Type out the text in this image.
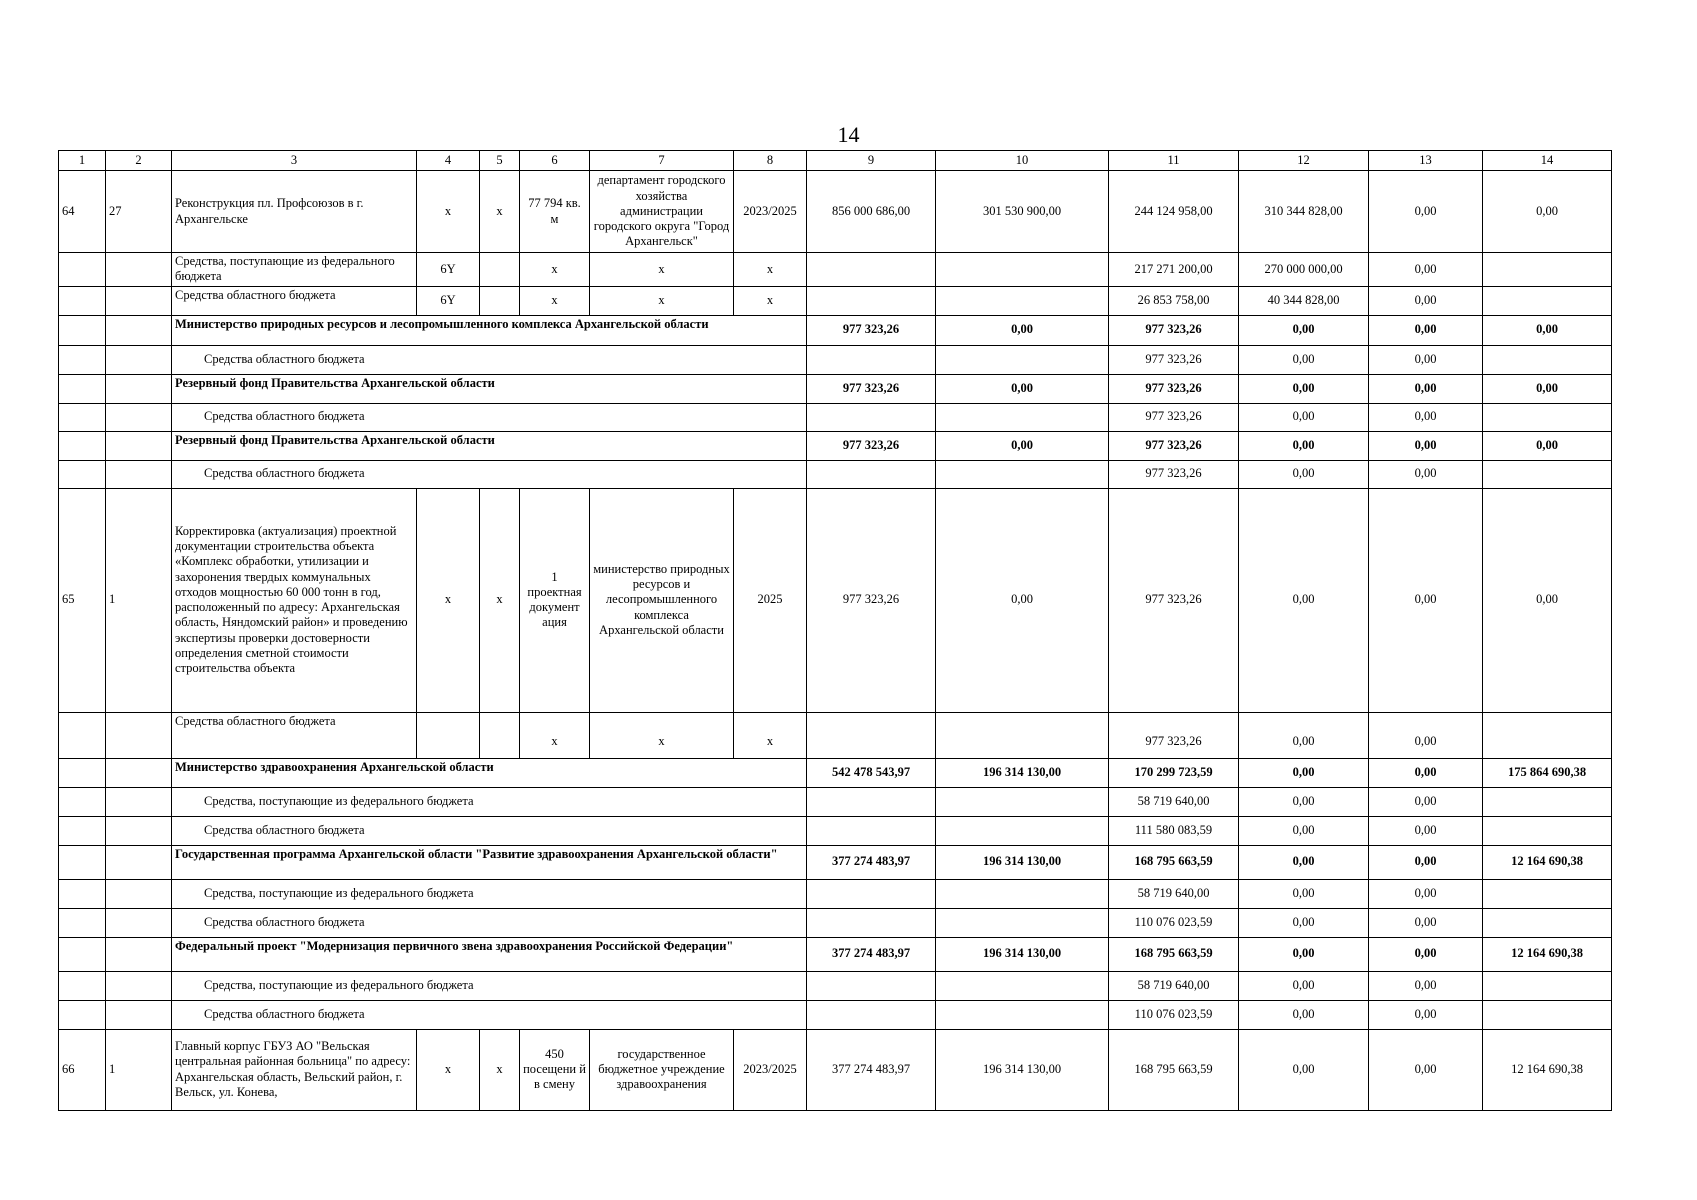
14
1	2	3	4	5	6	7	8	9	10	11	12	13	14
64	27	Реконструкция пл. Профсоюзов в г. Архангельске	x	x	77 794 кв. м	департамент городского хозяйства администрации городского округа "Город Архангельск"	2023/2025	856 000 686,00	301 530 900,00	244 124 958,00	310 344 828,00	0,00	0,00
		Средства, поступающие из федерального бюджета	6Y		x	x	x			217 271 200,00	270 000 000,00	0,00	
		Средства областного бюджета	6Y		x	x	x			26 853 758,00	40 344 828,00	0,00	
		Министерство природных ресурсов и лесопромышленного комплекса Архангельской области						977 323,26	0,00	977 323,26	0,00	0,00	0,00
		Средства областного бюджета								977 323,26	0,00	0,00	
		Резервный фонд Правительства Архангельской области						977 323,26	0,00	977 323,26	0,00	0,00	0,00
		Средства областного бюджета								977 323,26	0,00	0,00	
		Резервный фонд Правительства Архангельской области						977 323,26	0,00	977 323,26	0,00	0,00	0,00
		Средства областного бюджета								977 323,26	0,00	0,00	
65	1	Корректировка (актуализация) проектной документации строительства объекта «Комплекс обработки, утилизации и захоронения твердых коммунальных отходов мощностью 60 000 тонн в год, расположенный по адресу: Архангельская область, Няндомский район» и проведению экспертизы проверки достоверности определения сметной стоимости строительства объекта	x	x	1 проектная документ ация	министерство природных ресурсов и лесопромышленного комплекса Архангельской области	2025	977 323,26	0,00	977 323,26	0,00	0,00	0,00
		Средства областного бюджета			x	x	x			977 323,26	0,00	0,00	
		Министерство здравоохранения Архангельской области						542 478 543,97	196 314 130,00	170 299 723,59	0,00	0,00	175 864 690,38
		Средства, поступающие из федерального бюджета								58 719 640,00	0,00	0,00	
		Средства областного бюджета								111 580 083,59	0,00	0,00	
		Государственная программа Архангельской области "Развитие здравоохранения Архангельской области"						377 274 483,97	196 314 130,00	168 795 663,59	0,00	0,00	12 164 690,38
		Средства, поступающие из федерального бюджета								58 719 640,00	0,00	0,00	
		Средства областного бюджета								110 076 023,59	0,00	0,00	
		Федеральный проект "Модернизация первичного звена здравоохранения Российской Федерации"						377 274 483,97	196 314 130,00	168 795 663,59	0,00	0,00	12 164 690,38
		Средства, поступающие из федерального бюджета								58 719 640,00	0,00	0,00	
		Средства областного бюджета								110 076 023,59	0,00	0,00	
66	1	Главный корпус ГБУЗ АО "Вельская центральная районная больница" по адресу: Архангельская область, Вельский район, г. Вельск, ул. Конева,	x	x	450 посещени й в смену	государственное бюджетное учреждение здравоохранения	2023/2025	377 274 483,97	196 314 130,00	168 795 663,59	0,00	0,00	12 164 690,38
